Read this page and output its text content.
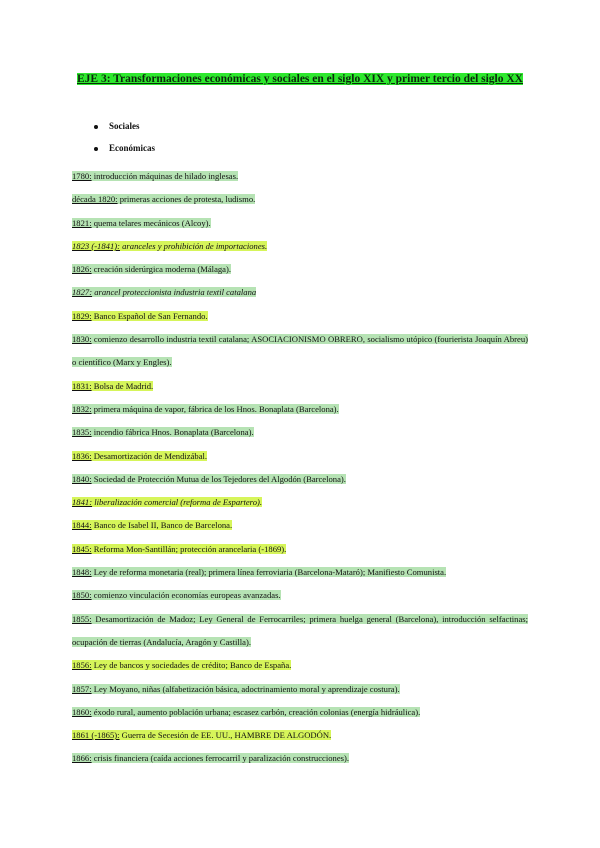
EJE 3: Transformaciones económicas y sociales en el siglo XIX y primer tercio del siglo XX
Sociales
Económicas
1780: introducción máquinas de hilado inglesas.
década 1820: primeras acciones de protesta, ludismo.
1821: quema telares mecánicos (Alcoy).
1823 (-1841): aranceles y prohibición de importaciones.
1826: creación siderúrgica moderna (Málaga).
1827: arancel proteccionista industria textil catalana
1829: Banco Español de San Fernando.
1830: comienzo desarrollo industria textil catalana; ASOCIACIONISMO OBRERO, socialismo utópico (fourierista Joaquín Abreu) o científico (Marx y Engles).
1831: Bolsa de Madrid.
1832: primera máquina de vapor, fábrica de los Hnos. Bonaplata (Barcelona).
1835: incendio fábrica Hnos. Bonaplata (Barcelona).
1836: Desamortización de Mendizábal.
1840: Sociedad de Protección Mutua de los Tejedores del Algodón (Barcelona).
1841: liberalización comercial (reforma de Espartero).
1844: Banco de Isabel II, Banco de Barcelona.
1845: Reforma Mon-Santillán; protección arancelaria (-1869).
1848: Ley de reforma monetaria (real); primera línea ferroviaria (Barcelona-Mataró); Manifiesto Comunista.
1850: comienzo vinculación economías europeas avanzadas.
1855: Desamortización de Madoz; Ley General de Ferrocarriles; primera huelga general (Barcelona), introducción selfactinas; ocupación de tierras (Andalucía, Aragón y Castilla).
1856: Ley de bancos y sociedades de crédito; Banco de España.
1857: Ley Moyano, niñas (alfabetización básica, adoctrinamiento moral y aprendizaje costura).
1860: éxodo rural, aumento población urbana; escasez carbón, creación colonias (energía hidráulica).
1861 (-1865): Guerra de Secesión de EE. UU., HAMBRE DE ALGODÓN.
1866: crisis financiera (caída acciones ferrocarril y paralización construcciones).
